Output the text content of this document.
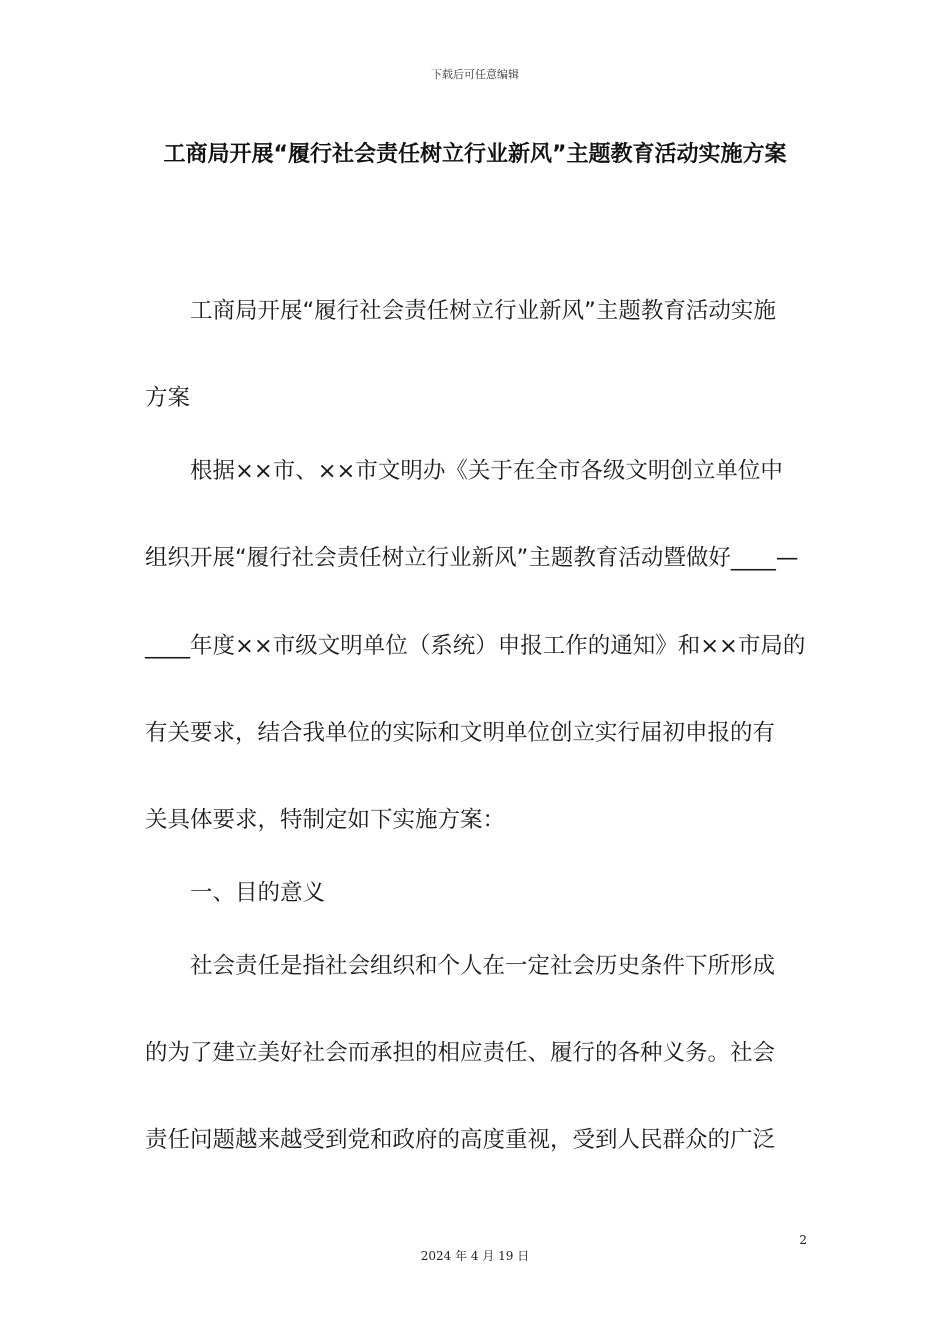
下载后可任意编辑
工商局开展“履行社会责任树立行业新风”主题教育活动实施方案
　　工商局开展“履行社会责任树立行业新风”主题教育活动实施
方案
　　根据××市、××市文明办《关于在全市各级文明创立单位中
组织开展“履行社会责任树立行业新风”主题教育活动暨做好____—
____年度××市级文明单位（系统）申报工作的通知》和××市局的
有关要求，结合我单位的实际和文明单位创立实行届初申报的有
关具体要求，特制定如下实施方案：
　　一、目的意义
　　社会责任是指社会组织和个人在一定社会历史条件下所形成
的为了建立美好社会而承担的相应责任、履行的各种义务。社会
责任问题越来越受到党和政府的高度重视，受到人民群众的广泛
2
2024 年 4 月 19 日
